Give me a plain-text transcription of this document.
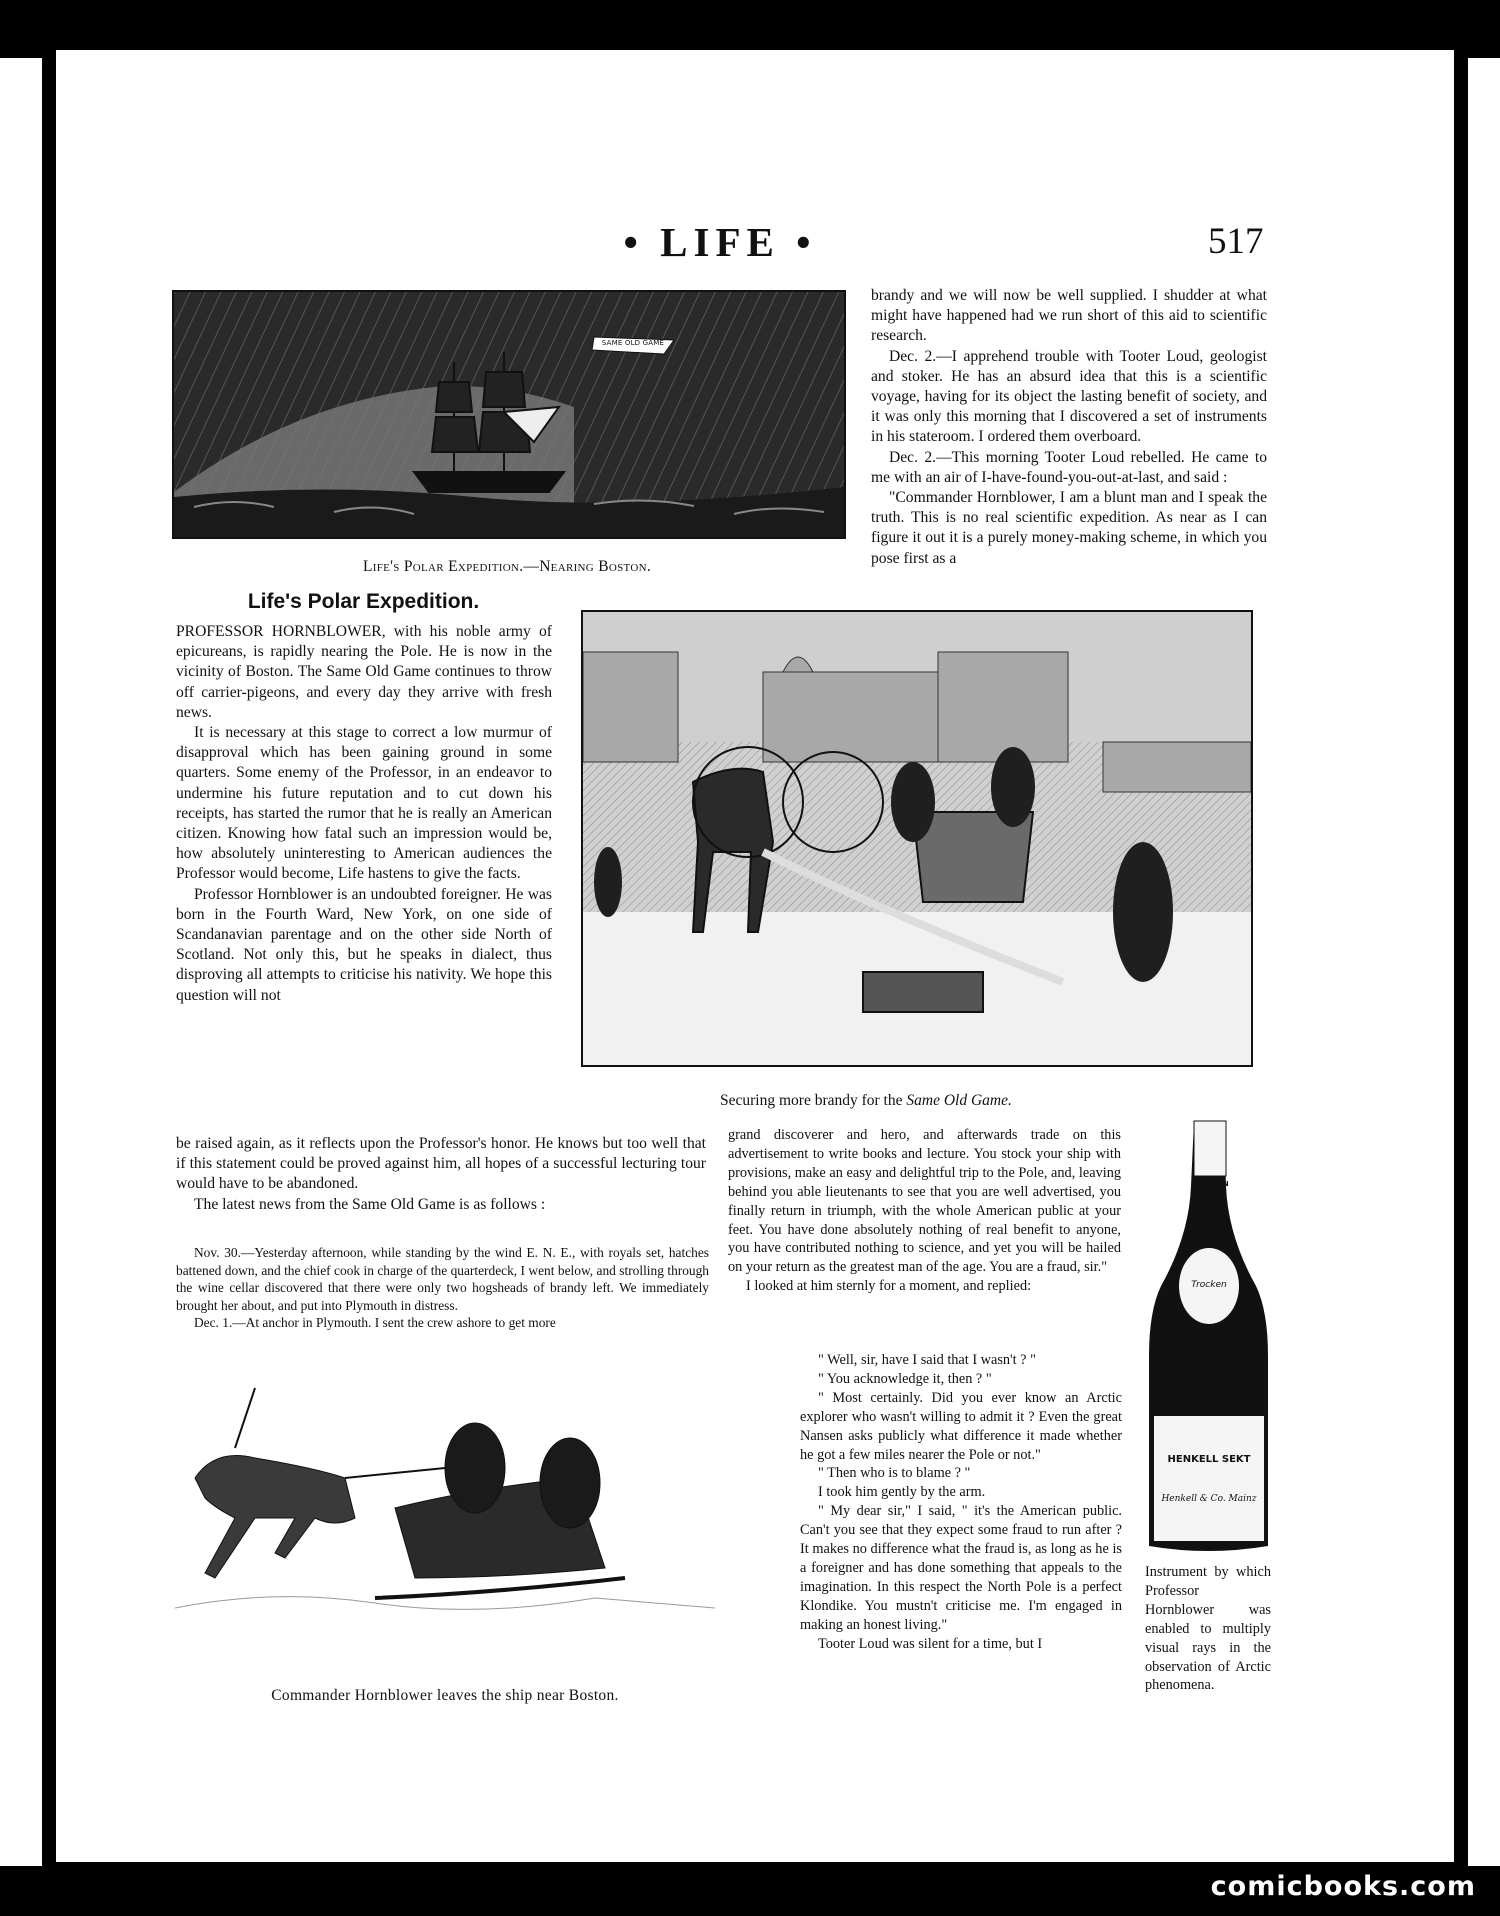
• LIFE •	517
SAME OLD GAME
Life's Polar Expedition.—Nearing Boston.
Life's Polar Expedition.

PROFESSOR HORNBLOWER, with his noble army of epicureans, is rapidly nearing the Pole. He is now in the vicinity of Boston. The Same Old Game continues to throw off carrier-pigeons, and every day they arrive with fresh news.

It is necessary at this stage to correct a low murmur of disapproval which has been gaining ground in some quarters. Some enemy of the Professor, in an endeavor to undermine his future reputation and to cut down his receipts, has started the rumor that he is really an American citizen. Knowing how fatal such an impression would be, how absolutely uninteresting to American audiences the Professor would become, Life hastens to give the facts.

Professor Hornblower is an undoubted foreigner. He was born in the Fourth Ward, New York, on one side of Scandanavian parentage and on the other side North of Scotland. Not only this, but he speaks in dialect, thus disproving all attempts to criticise his nativity. We hope this question will not

Securing more brandy for the Same Old Game.

brandy and we will now be well supplied. I shudder at what might have happened had we run short of this aid to scientific research.

Dec. 2.—I apprehend trouble with Tooter Loud, geologist and stoker. He has an absurd idea that this is a scientific voyage, having for its object the lasting benefit of society, and it was only this morning that I discovered a set of instruments in his stateroom. I ordered them overboard.

Dec. 2.—This morning Tooter Loud rebelled. He came to me with an air of I-have-found-you-out-at-last, and said :

"Commander Hornblower, I am a blunt man and I speak the truth. This is no real scientific expedition. As near as I can figure it out it is a purely money-making scheme, in which you pose first as a

be raised again, as it reflects upon the Professor's honor. He knows but too well that if this statement could be proved against him, all hopes of a successful lecturing tour would have to be abandoned.

The latest news from the Same Old Game is as follows :

Nov. 30.—Yesterday afternoon, while standing by the wind E. N. E., with royals set, hatches battened down, and the chief cook in charge of the quarterdeck, I went below, and strolling through the wine cellar discovered that there were only two hogsheads of brandy left. We immediately brought her about, and put into Plymouth in distress.

Dec. 1.—At anchor in Plymouth. I sent the crew ashore to get more

Commander Hornblower leaves the ship near Boston.

grand discoverer and hero, and afterwards trade on this advertisement to write books and lecture. You stock your ship with provisions, make an easy and delightful trip to the Pole, and, leaving behind you able lieutenants to see that you are well advertised, you finally return in triumph, with the whole American public at your feet. You have done absolutely nothing of real benefit to anyone, you have contributed nothing to science, and yet you will be hailed on your return as the greatest man of the age. You are a fraud, sir."

I looked at him sternly for a moment, and replied:

" Well, sir, have I said that I wasn't ? "

" You acknowledge it, then ? "

" Most certainly. Did you ever know an Arctic explorer who wasn't willing to admit it ? Even the great Nansen asks publicly what difference it made whether he got a few miles nearer the Pole or not."

" Then who is to blame ? "

I took him gently by the arm.

" My dear sir," I said, " it's the American public. Can't you see that they expect some fraud to run after ? It makes no difference what the fraud is, as long as he is a foreigner and has done something that appeals to the imagination. In this respect the North Pole is a perfect Klondike. You mustn't criticise me. I'm engaged in making an honest living."

Tooter Loud was silent for a time, but I

TROCKEN
Trocken
HENKELL SEKT
Henkell & Co. Mainz
Instrument by which Professor Hornblower was enabled to multiply visual rays in the observation of Arctic phenomena.
comicbooks.com
